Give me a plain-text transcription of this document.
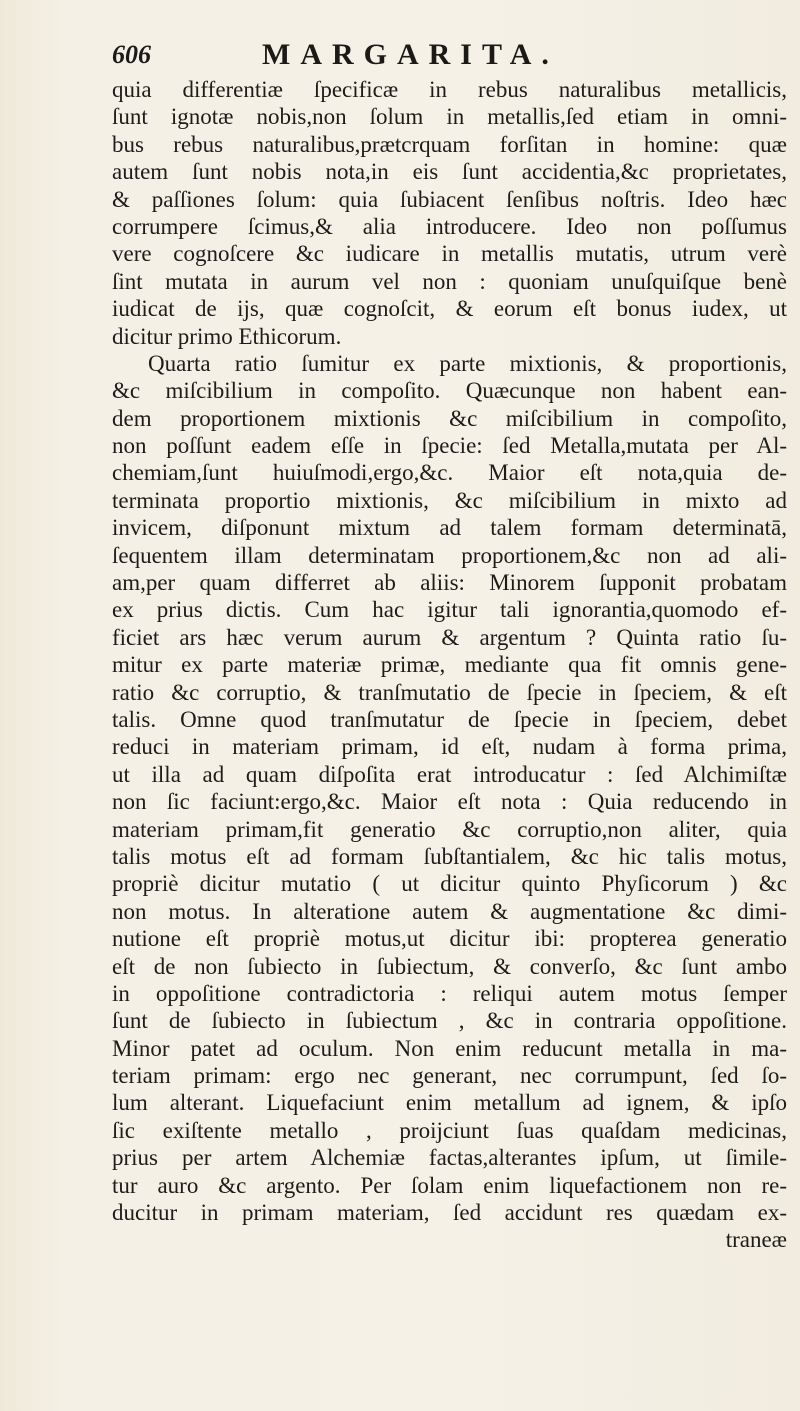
606	MARGARITA.
quia differentiæ ſpecificæ in rebus naturalibus metallicis,
ſunt ignotæ nobis,non ſolum in metallis,ſed etiam in omni-
bus rebus naturalibus,prætcrquam forſitan in homine: quæ
autem ſunt nobis nota,in eis ſunt accidentia,&c proprietates,
& paſſiones ſolum: quia ſubiacent ſenſibus noſtris. Ideo hæc
corrumpere ſcimus,& alia introducere. Ideo non poſſumus
vere cognoſcere &c iudicare in metallis mutatis, utrum verè
ſint mutata in aurum vel non : quoniam unuſquiſque benè
iudicat de ijs, quæ cognoſcit, & eorum eſt bonus iudex, ut
dicitur primo Ethicorum.
Quarta ratio ſumitur ex parte mixtionis, & proportionis,
&c miſcibilium in compoſito. Quæcunque non habent ean-
dem proportionem mixtionis &c miſcibilium in compoſito,
non poſſunt eadem eſſe in ſpecie: ſed Metalla,mutata per Al-
chemiam,ſunt huiuſmodi,ergo,&c. Maior eſt nota,quia de-
terminata proportio mixtionis, &c miſcibilium in mixto ad
invicem, diſponunt mixtum ad talem formam determinatā,
ſequentem illam determinatam proportionem,&c non ad ali-
am,per quam differret ab aliis: Minorem ſupponit probatam
ex prius dictis. Cum hac igitur tali ignorantia,quomodo ef-
ficiet ars hæc verum aurum & argentum ? Quinta ratio ſu-
mitur ex parte materiæ primæ, mediante qua fit omnis gene-
ratio &c corruptio, & tranſmutatio de ſpecie in ſpeciem, & eſt
talis. Omne quod tranſmutatur de ſpecie in ſpeciem, debet
reduci in materiam primam, id eſt, nudam à forma prima,
ut illa ad quam diſpoſita erat introducatur : ſed Alchimiſtæ
non ſic faciunt:ergo,&c. Maior eſt nota : Quia reducendo in
materiam primam,fit generatio &c corruptio,non aliter, quia
talis motus eſt ad formam ſubſtantialem, &c hic talis motus,
propriè dicitur mutatio ( ut dicitur quinto Phyſicorum ) &c
non motus. In alteratione autem & augmentatione &c dimi-
nutione eſt propriè motus,ut dicitur ibi: propterea generatio
eſt de non ſubiecto in ſubiectum, & converſo, &c ſunt ambo
in oppoſitione contradictoria : reliqui autem motus ſemper
ſunt de ſubiecto in ſubiectum , &c in contraria oppoſitione.
Minor patet ad oculum. Non enim reducunt metalla in ma-
teriam primam: ergo nec generant, nec corrumpunt, ſed ſo-
lum alterant. Liquefaciunt enim metallum ad ignem, & ipſo
ſic exiſtente metallo , proijciunt ſuas quaſdam medicinas,
prius per artem Alchemiæ factas,alterantes ipſum, ut ſimile-
tur auro &c argento. Per ſolam enim liquefactionem non re-
ducitur in primam materiam, ſed accidunt res quædam ex-
traneæ
